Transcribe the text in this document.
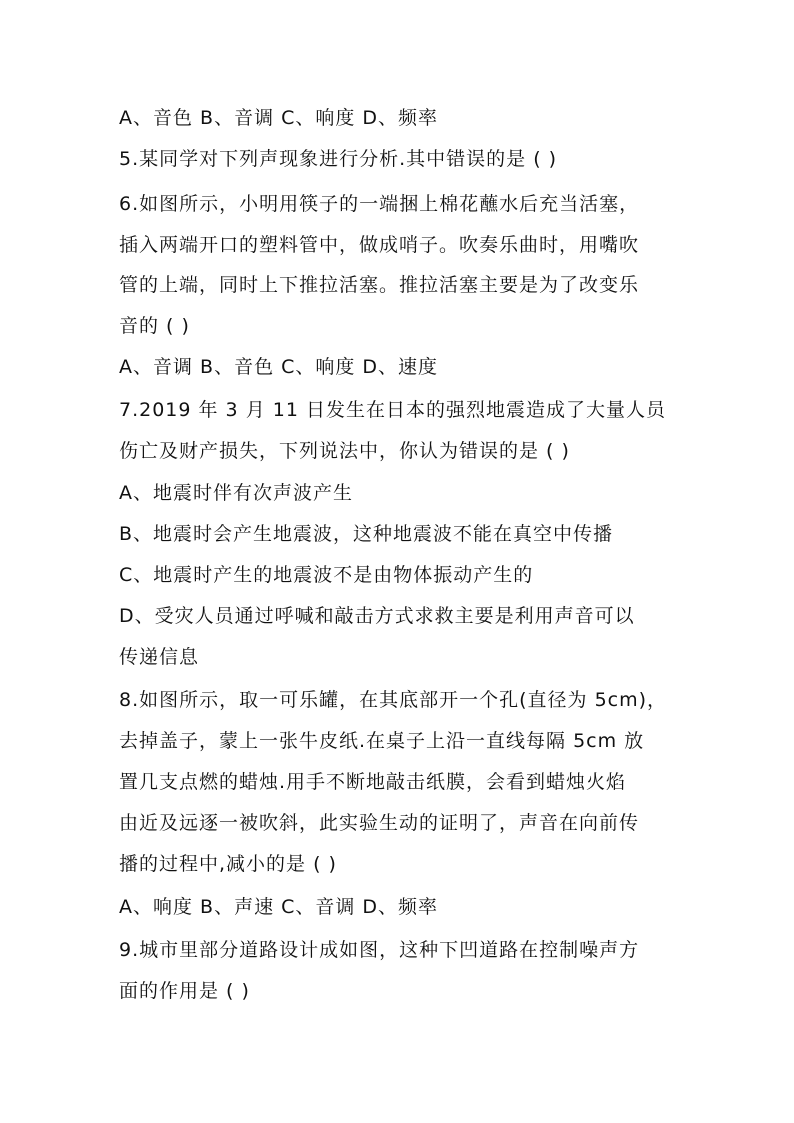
A、音色 B、音调 C、响度 D、频率
5.某同学对下列声现象进行分析.其中错误的是 ( )
6.如图所示，小明用筷子的一端捆上棉花蘸水后充当活塞，
插入两端开口的塑料管中，做成哨子。吹奏乐曲时，用嘴吹
管的上端，同时上下推拉活塞。推拉活塞主要是为了改变乐
音的 ( )
A、音调 B、音色 C、响度 D、速度
7.2019 年 3 月 11 日发生在日本的强烈地震造成了大量人员
伤亡及财产损失，下列说法中，你认为错误的是 ( )
A、地震时伴有次声波产生
B、地震时会产生地震波，这种地震波不能在真空中传播
C、地震时产生的地震波不是由物体振动产生的
D、受灾人员通过呼喊和敲击方式求救主要是利用声音可以
传递信息
8.如图所示，取一可乐罐，在其底部开一个孔(直径为 5cm)，
去掉盖子，蒙上一张牛皮纸.在桌子上沿一直线每隔 5cm 放
置几支点燃的蜡烛.用手不断地敲击纸膜，会看到蜡烛火焰
由近及远逐一被吹斜，此实验生动的证明了，声音在向前传
播的过程中,减小的是 ( )
A、响度 B、声速 C、音调 D、频率
9.城市里部分道路设计成如图，这种下凹道路在控制噪声方
面的作用是 ( )
